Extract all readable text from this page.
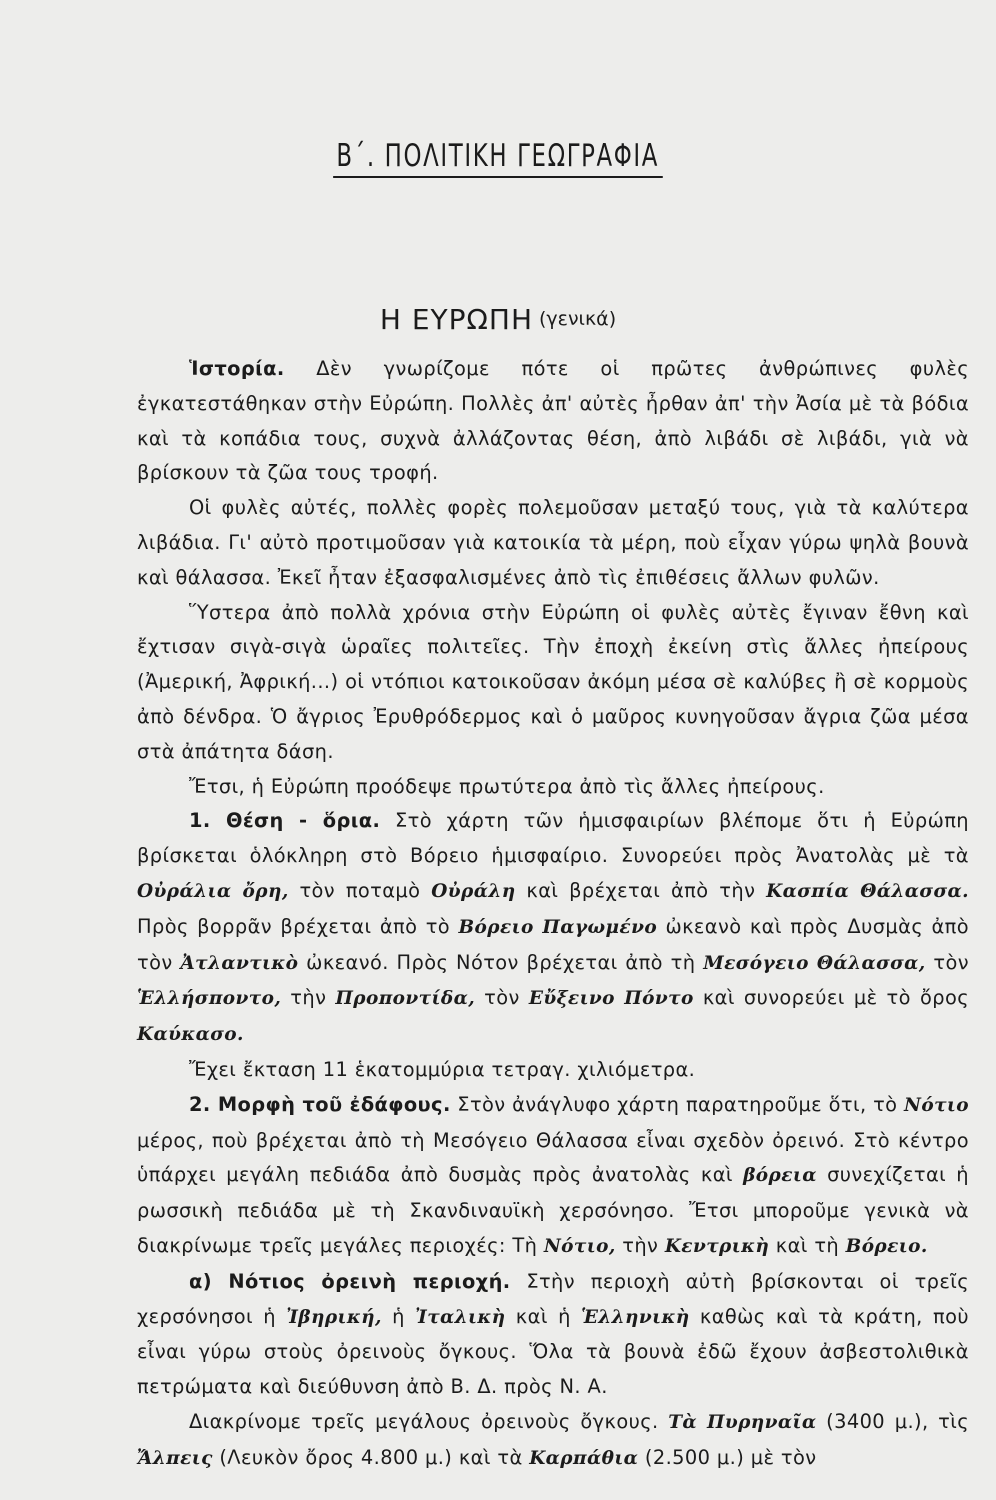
Β΄. ΠΟΛΙΤΙΚΗ ΓΕΩΓΡΑΦΙΑ
Η ΕΥΡΩΠΗ (γενικά)

Ἱστορία. Δὲν γνωρίζομε πότε οἱ πρῶτες ἀνθρώπινες φυλὲς ἐγκατεστάθηκαν στὴν Εὐρώπη. Πολλὲς ἀπ' αὐτὲς ἦρθαν ἀπ' τὴν Ἀσία μὲ τὰ βόδια καὶ τὰ κοπάδια τους, συχνὰ ἀλλάζοντας θέση, ἀπὸ λιβάδι σὲ λιβάδι, γιὰ νὰ βρίσκουν τὰ ζῶα τους τροφή.

Οἱ φυλὲς αὐτές, πολλὲς φορὲς πολεμοῦσαν μεταξύ τους, γιὰ τὰ καλύτερα λιβάδια. Γι' αὐτὸ προτιμοῦσαν γιὰ κατοικία τὰ μέρη, ποὺ εἶχαν γύρω ψηλὰ βουνὰ καὶ θάλασσα. Ἐκεῖ ἦταν ἐξασφαλισμένες ἀπὸ τὶς ἐπιθέσεις ἄλλων φυλῶν.

Ὕστερα ἀπὸ πολλὰ χρόνια στὴν Εὐρώπη οἱ φυλὲς αὐτὲς ἔγιναν ἔθνη καὶ ἔχτισαν σιγὰ-σιγὰ ὡραῖες πολιτεῖες. Τὴν ἐποχὴ ἐκείνη στὶς ἄλλες ἠπείρους (Ἀμερική, Ἀφρική...) οἱ ντόπιοι κατοικοῦσαν ἀκόμη μέσα σὲ καλύβες ἢ σὲ κορμοὺς ἀπὸ δένδρα. Ὁ ἄγριος Ἐρυθρόδερμος καὶ ὁ μαῦρος κυνηγοῦσαν ἄγρια ζῶα μέσα στὰ ἀπάτητα δάση.

Ἔτσι, ἡ Εὐρώπη προόδεψε πρωτύτερα ἀπὸ τὶς ἄλλες ἠπείρους.

1. Θέση - ὅρια. Στὸ χάρτη τῶν ἡμισφαιρίων βλέπομε ὅτι ἡ Εὐρώπη βρίσκεται ὁλόκληρη στὸ Βόρειο ἡμισφαίριο. Συνορεύει πρὸς Ἀνατολὰς μὲ τὰ Οὐράλια ὄρη, τὸν ποταμὸ Οὐράλη καὶ βρέχεται ἀπὸ τὴν Κασπία Θάλασσα. Πρὸς βορρᾶν βρέχεται ἀπὸ τὸ Βόρειο Παγωμένο ὠκεανὸ καὶ πρὸς Δυσμὰς ἀπὸ τὸν Ἀτλαντικὸ ὠκεανό. Πρὸς Νότον βρέχεται ἀπὸ τὴ Μεσόγειο Θάλασσα, τὸν Ἑλλήσποντο, τὴν Προποντίδα, τὸν Εὔξεινο Πόντο καὶ συνορεύει μὲ τὸ ὄρος Καύκασο.

Ἔχει ἔκταση 11 ἑκατομμύρια τετραγ. χιλιόμετρα.

2. Μορφὴ τοῦ ἐδάφους. Στὸν ἀνάγλυφο χάρτη παρατηροῦμε ὅτι, τὸ Νότιο μέρος, ποὺ βρέχεται ἀπὸ τὴ Μεσόγειο Θάλασσα εἶναι σχεδὸν ὀρεινό. Στὸ κέντρο ὑπάρχει μεγάλη πεδιάδα ἀπὸ δυσμὰς πρὸς ἀνατολὰς καὶ βόρεια συνεχίζεται ἡ ρωσσικὴ πεδιάδα μὲ τὴ Σκανδιναυϊκὴ χερσόνησο. Ἔτσι μποροῦμε γενικὰ νὰ διακρίνωμε τρεῖς μεγάλες περιοχές: Τὴ Νότιο, τὴν Κεντρικὴ καὶ τὴ Βόρειο.

α) Νότιος ὀρεινὴ περιοχή. Στὴν περιοχὴ αὐτὴ βρίσκονται οἱ τρεῖς χερσόνησοι ἡ Ἰβηρική, ἡ Ἰταλικὴ καὶ ἡ Ἑλληνικὴ καθὼς καὶ τὰ κράτη, ποὺ εἶναι γύρω στοὺς ὀρεινοὺς ὄγκους. Ὅλα τὰ βουνὰ ἐδῶ ἔχουν ἀσβεστολιθικὰ πετρώματα καὶ διεύθυνση ἀπὸ Β. Δ. πρὸς Ν. Α.

Διακρίνομε τρεῖς μεγάλους ὀρεινοὺς ὄγκους. Τὰ Πυρηναῖα (3400 μ.), τὶς Ἄλπεις (Λευκὸν ὄρος 4.800 μ.) καὶ τὰ Καρπάθια (2.500 μ.) μὲ τὸν
